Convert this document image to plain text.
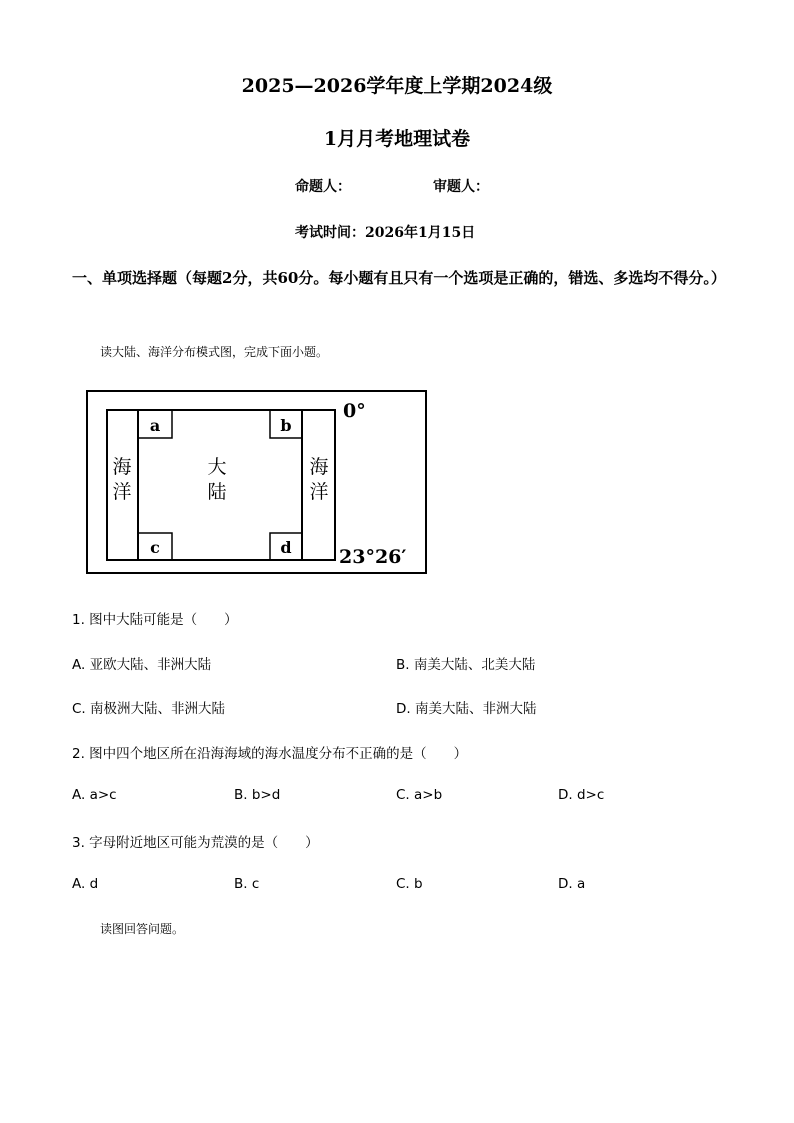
2025—2026学年度上学期2024级
1月月考地理试卷
命题人：	审题人：
考试时间：2026年1月15日
一、单项选择题（每题2分，共60分。每小题有且只有一个选项是正确的，错选、多选均不得分。）
读大陆、海洋分布模式图，完成下面小题。
a	b
c	d
海
洋
海
洋
大
陆
0°
23°26′
1. 图中大陆可能是（　　）
A. 亚欧大陆、非洲大陆	B. 南美大陆、北美大陆
C. 南极洲大陆、非洲大陆	D. 南美大陆、非洲大陆
2. 图中四个地区所在沿海海域的海水温度分布不正确的是（　　）
A. a>c	B. b>d	C. a>b	D. d>c
3. 字母附近地区可能为荒漠的是（　　）
A. d	B. c	C. b	D. a
读图回答问题。
